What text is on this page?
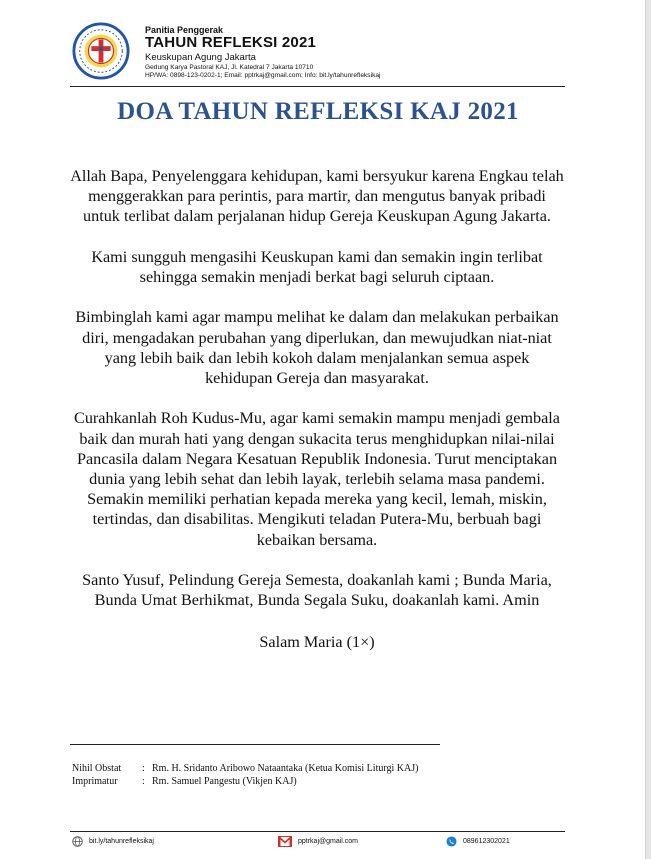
Panitia Penggerak
TAHUN REFLEKSI 2021
Keuskupan Agung Jakarta
Gedung Karya Pastoral KAJ, Jl. Katedral 7 Jakarta 10710
HP/WA: 0898-123-0202-1; Email: pptrkaj@gmail.com; Info: bit.ly/tahunrefleksikaj
DOA TAHUN REFLEKSI KAJ 2021

Allah Bapa, Penyelenggara kehidupan, kami bersyukur karena Engkau telah menggerakkan para perintis, para martir, dan mengutus banyak pribadi untuk terlibat dalam perjalanan hidup Gereja Keuskupan Agung Jakarta.

Kami sungguh mengasihi Keuskupan kami dan semakin ingin terlibat sehingga semakin menjadi berkat bagi seluruh ciptaan.

Bimbinglah kami agar mampu melihat ke dalam dan melakukan perbaikan diri, mengadakan perubahan yang diperlukan, dan mewujudkan niat-niat yang lebih baik dan lebih kokoh dalam menjalankan semua aspek kehidupan Gereja dan masyarakat.

Curahkanlah Roh Kudus-Mu, agar kami semakin mampu menjadi gembala baik dan murah hati yang dengan sukacita terus menghidupkan nilai-nilai Pancasila dalam Negara Kesatuan Republik Indonesia. Turut menciptakan dunia yang lebih sehat dan lebih layak, terlebih selama masa pandemi. Semakin memiliki perhatian kepada mereka yang kecil, lemah, miskin, tertindas, dan disabilitas. Mengikuti teladan Putera-Mu, berbuah bagi kebaikan bersama.

Santo Yusuf, Pelindung Gereja Semesta, doakanlah kami ; Bunda Maria, Bunda Umat Berhikmat, Bunda Segala Suku, doakanlah kami. Amin

Salam Maria (1×)

Nihil Obstat	: Rm. H. Sridanto Aribowo Nataantaka (Ketua Komisi Liturgi KAJ)
Imprimatur	: Rm. Samuel Pangestu (Vikjen KAJ)
bit.ly/tahunrefleksikaj	pptrkaj@gmail.com	089612302021
